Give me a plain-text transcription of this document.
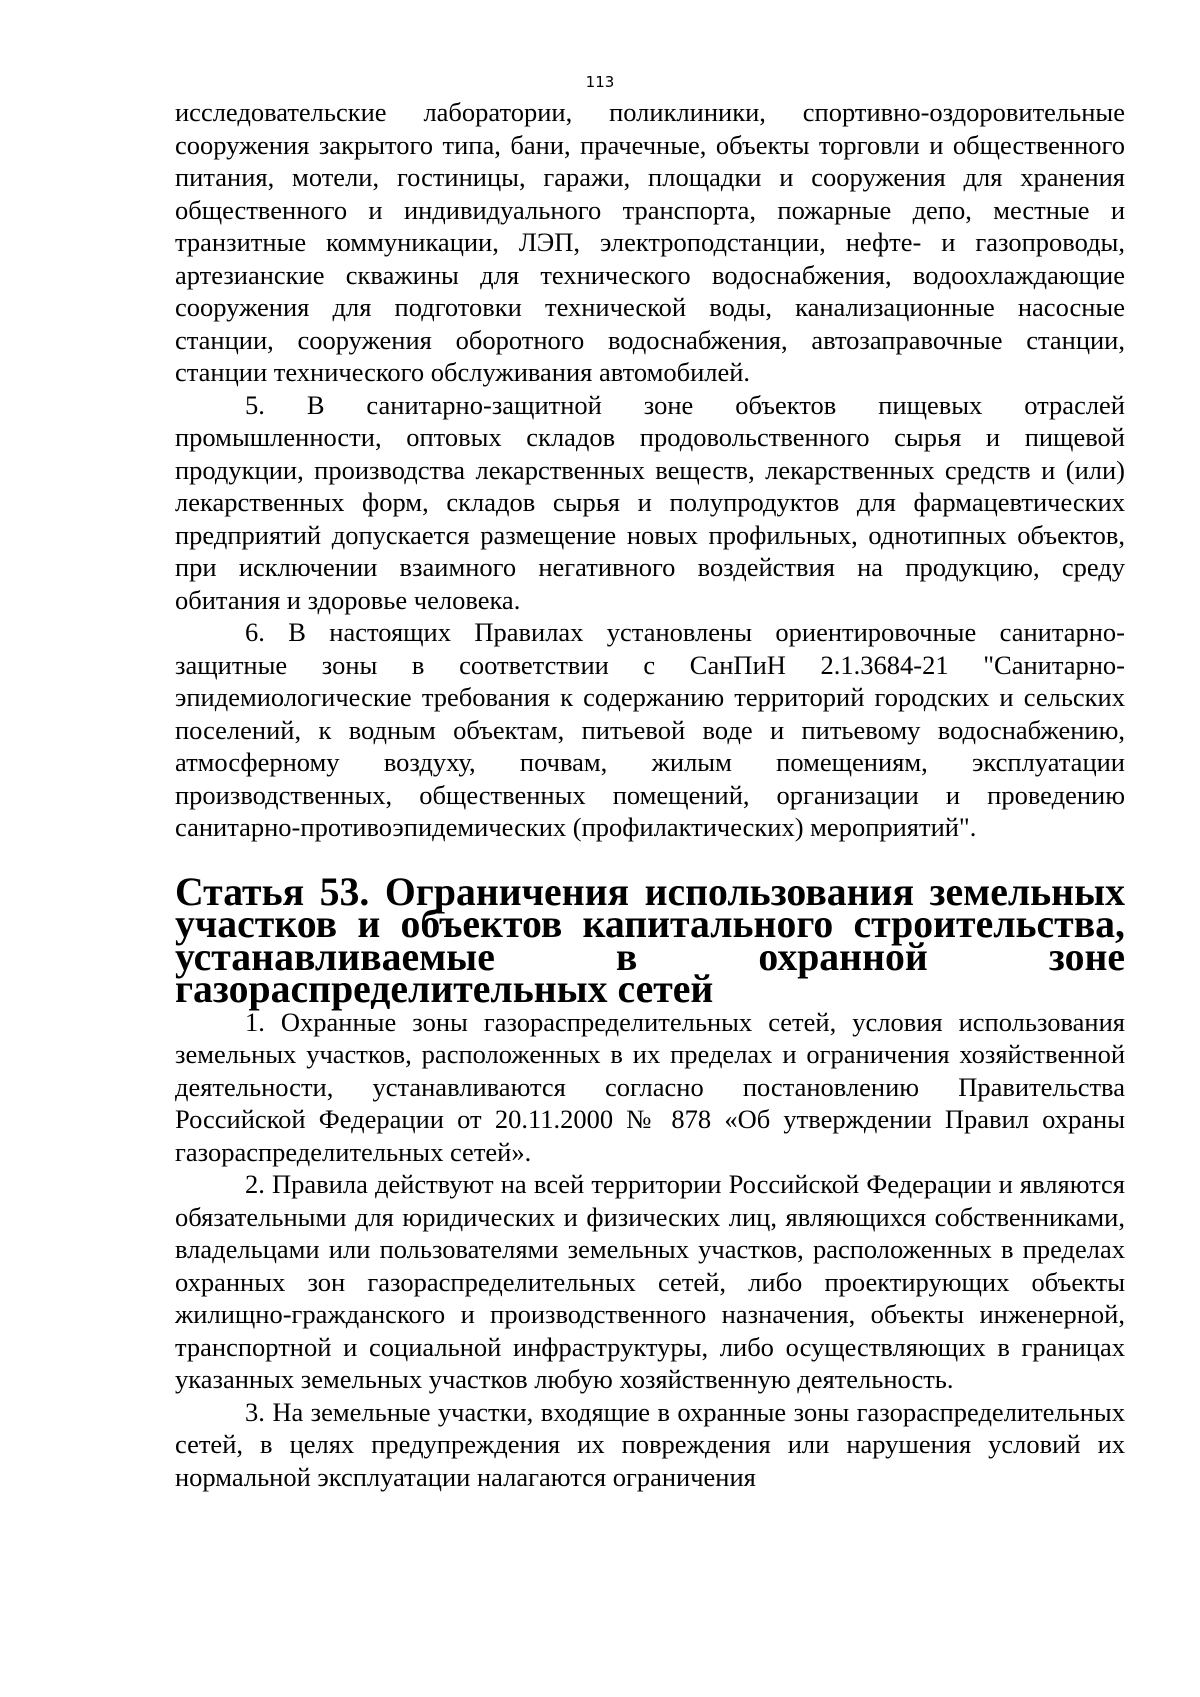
113

исследовательские лаборатории, поликлиники, спортивно-оздоровительные сооружения закрытого типа, бани, прачечные, объекты торговли и общественного питания, мотели, гостиницы, гаражи, площадки и сооружения для хранения общественного и индивидуального транспорта, пожарные депо, местные и транзитные коммуникации, ЛЭП, электроподстанции, нефте- и газопроводы, артезианские скважины для технического водоснабжения, водоохлаждающие сооружения для подготовки технической воды, канализационные насосные станции, сооружения оборотного водоснабжения, автозаправочные станции, станции технического обслуживания автомобилей.

5. В санитарно-защитной зоне объектов пищевых отраслей промышленности, оптовых складов продовольственного сырья и пищевой продукции, производства лекарственных веществ, лекарственных средств и (или) лекарственных форм, складов сырья и полупродуктов для фармацевтических предприятий допускается размещение новых профильных, однотипных объектов, при исключении взаимного негативного воздействия на продукцию, среду обитания и здоровье человека.

6. В настоящих Правилах установлены ориентировочные санитарно-защитные зоны в соответствии с СанПиН 2.1.3684-21 "Санитарно-эпидемиологические требования к содержанию территорий городских и сельских поселений, к водным объектам, питьевой воде и питьевому водоснабжению, атмосферному воздуху, почвам, жилым помещениям, эксплуатации производственных, общественных помещений, организации и проведению санитарно-противоэпидемических (профилактических) мероприятий".

Статья 53. Ограничения использования земельных участков и объектов капитального строительства, устанавливаемые в охранной зоне газораспределительных сетей

1. Охранные зоны газораспределительных сетей, условия использования земельных участков, расположенных в их пределах и ограничения хозяйственной деятельности, устанавливаются согласно постановлению Правительства Российской Федерации от 20.11.2000 № 878 «Об утверждении Правил охраны газораспределительных сетей».

2. Правила действуют на всей территории Российской Федерации и являются обязательными для юридических и физических лиц, являющихся собственниками, владельцами или пользователями земельных участков, расположенных в пределах охранных зон газораспределительных сетей, либо проектирующих объекты жилищно-гражданского и производственного назначения, объекты инженерной, транспортной и социальной инфраструктуры, либо осуществляющих в границах указанных земельных участков любую хозяйственную деятельность.

3. На земельные участки, входящие в охранные зоны газораспределительных сетей, в целях предупреждения их повреждения или нарушения условий их нормальной эксплуатации налагаются ограничения
